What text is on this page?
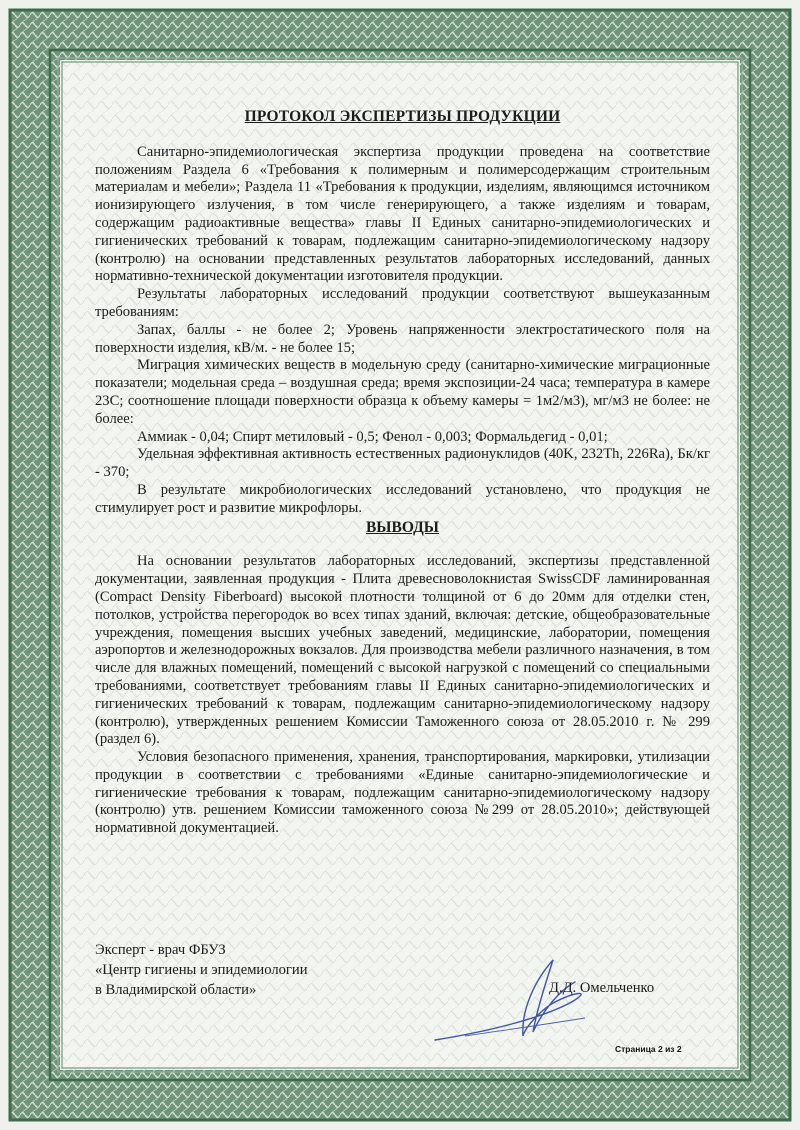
ПРОТОКОЛ ЭКСПЕРТИЗЫ ПРОДУКЦИИ

Санитарно-эпидемиологическая экспертиза продукции проведена на соответствие положениям Раздела 6 «Требования к полимерным и полимерсодержащим строительным материалам и мебели»; Раздела 11 «Требования к продукции, изделиям, являющимся источником ионизирующего излучения, в том числе генерирующего, а также изделиям и товарам, содержащим радиоактивные вещества» главы II Единых санитарно-эпидемиологических и гигиенических требований к товарам, подлежащим санитарно-эпидемиологическому надзору (контролю) на основании представленных результатов лабораторных исследований, данных нормативно-технической документации изготовителя продукции.

Результаты лабораторных исследований продукции соответствуют вышеуказанным требованиям:

Запах, баллы - не более 2; Уровень напряженности электростатического поля на поверхности изделия, кВ/м. - не более 15;

Миграция химических веществ в модельную среду (санитарно-химические миграционные показатели; модельная среда – воздушная среда; время экспозиции-24 часа; температура в камере 23С; соотношение площади поверхности образца к объему камеры = 1м2/м3), мг/м3 не более: не более:

Аммиак - 0,04; Спирт метиловый - 0,5; Фенол - 0,003; Формальдегид - 0,01;

Удельная эффективная активность естественных радионуклидов (40K, 232Th, 226Ra), Бк/кг - 370;

В результате микробиологических исследований установлено, что продукция не стимулирует рост и развитие микрофлоры.

ВЫВОДЫ

На основании результатов лабораторных исследований, экспертизы представленной документации, заявленная продукция - Плита древесноволокнистая SwissCDF ламинированная (Compact Density Fiberboard) высокой плотности толщиной от 6 до 20мм для отделки стен, потолков, устройства перегородок во всех типах зданий, включая: детские, общеобразовательные учреждения, помещения высших учебных заведений, медицинские, лаборатории, помещения аэропортов и железнодорожных вокзалов. Для производства мебели различного назначения, в том числе для влажных помещений, помещений с высокой нагрузкой с помещений со специальными требованиями, соответствует требованиям главы II Единых санитарно-эпидемиологических и гигиенических требований к товарам, подлежащим санитарно-эпидемиологическому надзору (контролю), утвержденных решением Комиссии Таможенного союза от 28.05.2010 г. № 299 (раздел 6).

Условия безопасного применения, хранения, транспортирования, маркировки, утилизации продукции в соответствии с требованиями «Единые санитарно-эпидемиологические и гигиенические требования к товарам, подлежащим санитарно-эпидемиологическому надзору (контролю) утв. решением Комиссии таможенного союза №299 от 28.05.2010»; действующей нормативной документацией.

Эксперт - врач ФБУЗ
«Центр гигиены и эпидемиологии
в Владимирской области»	Д.Д. Омельченко
Страница 2 из 2
